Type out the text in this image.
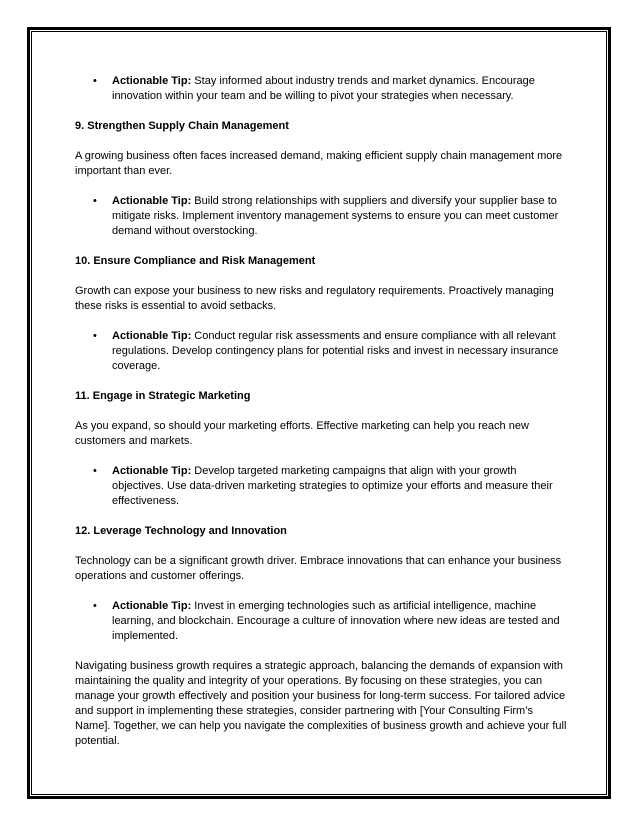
•	Actionable Tip: Stay informed about industry trends and market dynamics. Encourage innovation within your team and be willing to pivot your strategies when necessary.

9. Strengthen Supply Chain Management

A growing business often faces increased demand, making efficient supply chain management more important than ever.

•	Actionable Tip: Build strong relationships with suppliers and diversify your supplier base to mitigate risks. Implement inventory management systems to ensure you can meet customer demand without overstocking.

10. Ensure Compliance and Risk Management

Growth can expose your business to new risks and regulatory requirements. Proactively managing these risks is essential to avoid setbacks.

•	Actionable Tip: Conduct regular risk assessments and ensure compliance with all relevant regulations. Develop contingency plans for potential risks and invest in necessary insurance coverage.

11. Engage in Strategic Marketing

As you expand, so should your marketing efforts. Effective marketing can help you reach new customers and markets.

•	Actionable Tip: Develop targeted marketing campaigns that align with your growth objectives. Use data-driven marketing strategies to optimize your efforts and measure their effectiveness.

12. Leverage Technology and Innovation

Technology can be a significant growth driver. Embrace innovations that can enhance your business operations and customer offerings.

•	Actionable Tip: Invest in emerging technologies such as artificial intelligence, machine learning, and blockchain. Encourage a culture of innovation where new ideas are tested and implemented.

Navigating business growth requires a strategic approach, balancing the demands of expansion with maintaining the quality and integrity of your operations. By focusing on these strategies, you can manage your growth effectively and position your business for long-term success. For tailored advice and support in implementing these strategies, consider partnering with [Your Consulting Firm’s Name]. Together, we can help you navigate the complexities of business growth and achieve your full potential.
